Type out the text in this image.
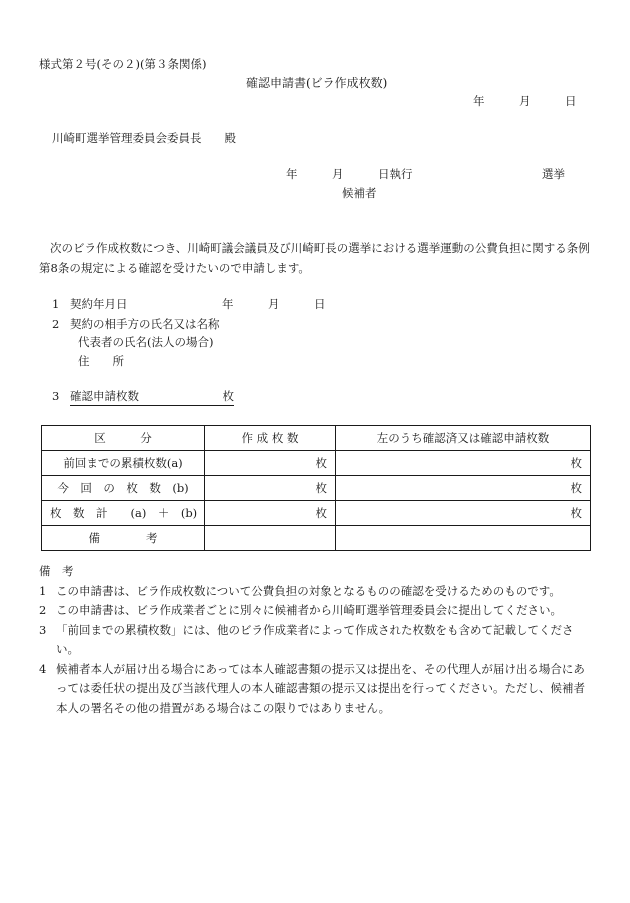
様式第２号(その２)(第３条関係)
確認申請書(ビラ作成枚数)
年　　　月　　　日
川崎町選挙管理委員会委員長　　殿
年　　　月　　　日執行	選挙
候補者
次のビラ作成枚数につき、川崎町議会議員及び川崎町長の選挙における選挙運動の公費負担に関する条例第8条の規定による確認を受けたいので申請します。
1 契約年月日	年　　　月　　　日
2 契約の相手方の氏名又は名称
代表者の氏名(法人の場合)
住　　所
3 確認申請枚数	枚
区　　　分	作 成 枚 数	左のうち確認済又は確認申請枚数
前回までの累積枚数(a)	枚	枚
今　回　の　枚　数　(b)	枚	枚
枚　数　計　　(a)　＋　(b)	枚	枚
備　　　　考		
備　考
1 この申請書は、ビラ作成枚数について公費負担の対象となるものの確認を受けるためのものです。
2 この申請書は、ビラ作成業者ごとに別々に候補者から川崎町選挙管理委員会に提出してください。
3 「前回までの累積枚数」には、他のビラ作成業者によって作成された枚数をも含めて記載してください。
4 候補者本人が届け出る場合にあっては本人確認書類の提示又は提出を、その代理人が届け出る場合にあっては委任状の提出及び当該代理人の本人確認書類の提示又は提出を行ってください。ただし、候補者本人の署名その他の措置がある場合はこの限りではありません。
